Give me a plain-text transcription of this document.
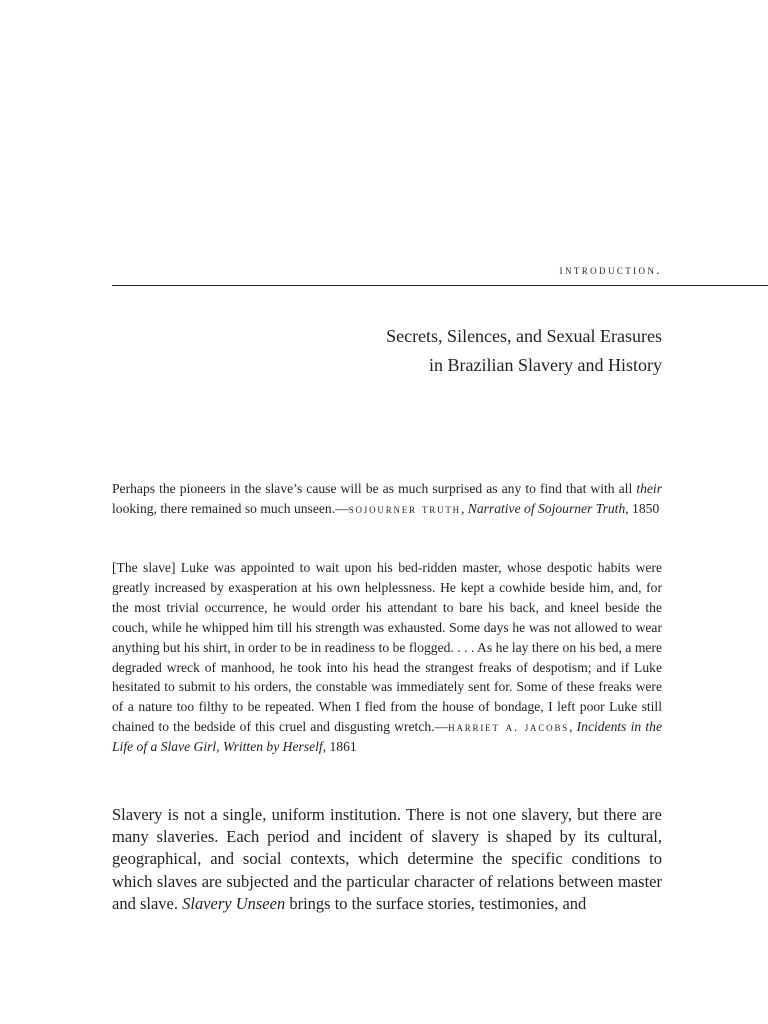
introduction.
Secrets, Silences, and Sexual Erasures
in Brazilian Slavery and History
Perhaps the pioneers in the slave’s cause will be as much surprised as any to find that with all their looking, there remained so much unseen.—sojourner truth, Narrative of Sojourner Truth, 1850
[The slave] Luke was appointed to wait upon his bed-ridden master, whose despotic habits were greatly increased by exasperation at his own helplessness. He kept a cowhide beside him, and, for the most trivial occurrence, he would order his attendant to bare his back, and kneel beside the couch, while he whipped him till his strength was exhausted. Some days he was not allowed to wear anything but his shirt, in order to be in readiness to be flogged. . . . As he lay there on his bed, a mere degraded wreck of manhood, he took into his head the strangest freaks of despotism; and if Luke hesitated to submit to his orders, the constable was immediately sent for. Some of these freaks were of a nature too filthy to be repeated. When I fled from the house of bondage, I left poor Luke still chained to the bedside of this cruel and disgusting wretch.—harriet a. jacobs, Incidents in the Life of a Slave Girl, Written by Herself, 1861
Slavery is not a single, uniform institution. There is not one slavery, but there are many slaveries. Each period and incident of slavery is shaped by its cultural, geographical, and social contexts, which determine the specific conditions to which slaves are subjected and the particular character of relations between master and slave. Slavery Unseen brings to the surface stories, testimonies, and
